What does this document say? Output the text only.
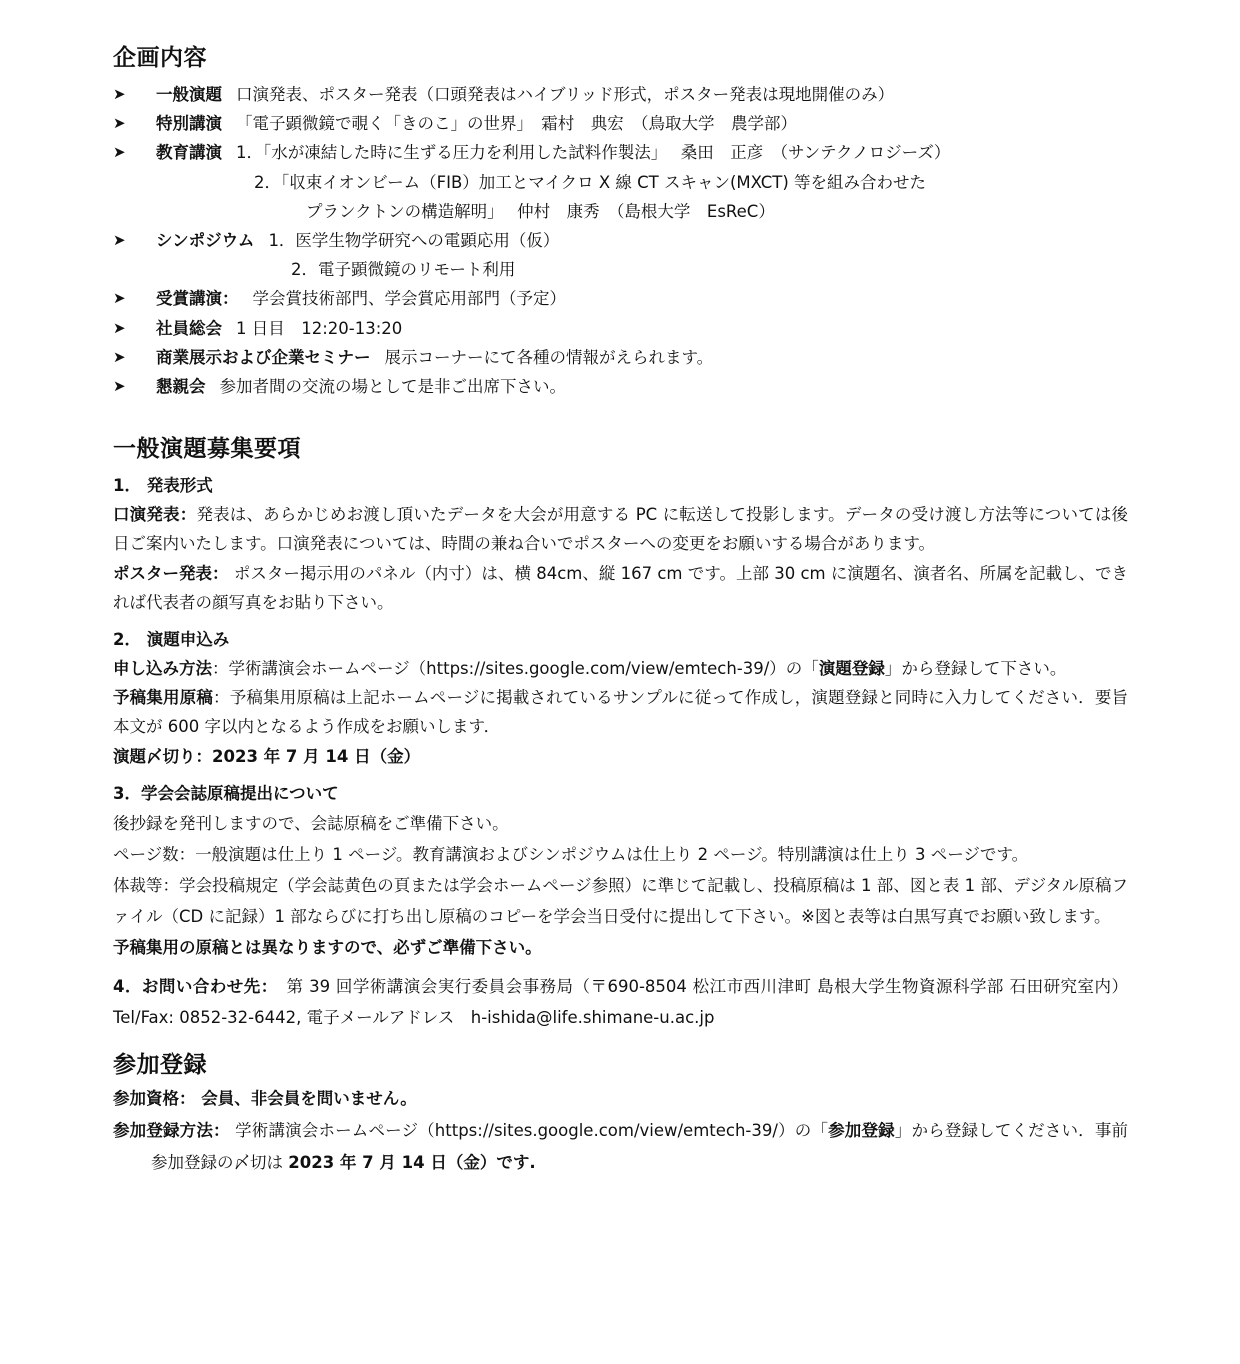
企画内容
➤ 一般演題 口演発表、ポスター発表（口頭発表はハイブリッド形式，ポスター発表は現地開催のみ）
➤ 特別講演 「電子顕微鏡で覗く「きのこ」の世界」　霜村　典宏　（鳥取大学　農学部）
➤ 教育講演 1．「水が凍結した時に生ずる圧力を利用した試料作製法」　 桑田　正彦　（サンテクノロジーズ）
2．「収束イオンビーム（FIB）加工とマイクロ X 線 CT スキャン(MXCT) 等を組み合わせた
プランクトンの構造解明」　 仲村　康秀　（島根大学　EsReC）
➤ シンポジウム 1．医学生物学研究への電顕応用（仮）
2．電子顕微鏡のリモート利用
➤ 受賞講演： 学会賞技術部門、学会賞応用部門（予定）
➤ 社員総会 1 日目　12:20-13:20
➤ 商業展示および企業セミナー 展示コーナーにて各種の情報がえられます。
➤ 懇親会 参加者間の交流の場として是非ご出席下さい。
一般演題募集要項

1． 発表形式

口演発表：発表は、あらかじめお渡し頂いたデータを大会が用意する PC に転送して投影します。データの受け渡し方法等については後日ご案内いたします。口演発表については、時間の兼ね合いでポスターへの変更をお願いする場合があります。

ポスター発表： ポスター掲示用のパネル（内寸）は、横 84cm、縦 167 cm です。上部 30 cm に演題名、演者名、所属を記載し、できれば代表者の顔写真をお貼り下さい。

2． 演題申込み

申し込み方法：学術講演会ホームページ（https://sites.google.com/view/emtech-39/）の「演題登録」から登録して下さい。

予稿集用原稿：予稿集用原稿は上記ホームページに掲載されているサンプルに従って作成し，演題登録と同時に入力してください．要旨本文が 600 字以内となるよう作成をお願いします．

演題〆切り：2023 年 7 月 14 日（金）

3．学会会誌原稿提出について

後抄録を発刊しますので、会誌原稿をご準備下さい。

ページ数：一般演題は仕上り 1 ページ。教育講演およびシンポジウムは仕上り 2 ページ。特別講演は仕上り 3 ページです。

体裁等：学会投稿規定（学会誌黄色の頁または学会ホームページ参照）に準じて記載し、投稿原稿は 1 部、図と表 1 部、デジタル原稿ファイル（CD に記録）1 部ならびに打ち出し原稿のコピーを学会当日受付に提出して下さい。※図と表等は白黒写真でお願い致します。

予稿集用の原稿とは異なりますので、必ずご準備下さい。

4．お問い合わせ先：　第 39 回学術講演会実行委員会事務局（〒690-8504 松江市西川津町 島根大学生物資源科学部 石田研究室内）Tel/Fax: 0852-32-6442, 電子メールアドレス　h-ishida@life.shimane-u.ac.jp

参加登録

参加資格： 会員、非会員を問いません。

参加登録方法： 学術講演会ホームページ（https://sites.google.com/view/emtech-39/）の「参加登録」から登録してください．事前参加登録の〆切は 2023 年 7 月 14 日（金）です.
